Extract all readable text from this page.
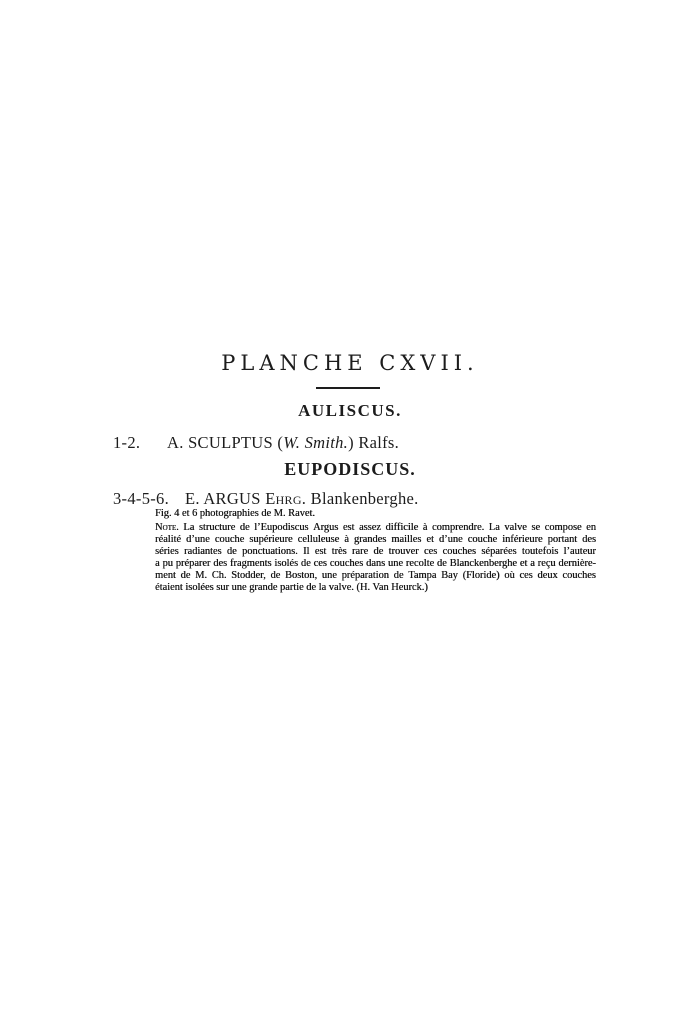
PLANCHE CXVII.
AULISCUS.
1-2. A. SCULPTUS (W. Smith.) Ralfs.
EUPODISCUS.
3-4-5-6. E. ARGUS Ehrg. Blankenberghe.
Fig. 4 et 6 photographies de M. Ravet.
Note. La structure de l’Eupodiscus Argus est assez difficile à comprendre. La valve se compose en
réalité d’une couche supérieure celluleuse à grandes mailles et d’une couche inférieure portant des
séries radiantes de ponctuations. Il est très rare de trouver ces couches séparées toutefois l’auteur
a pu préparer des fragments isolés de ces couches dans une recolte de Blanckenberghe et a reçu dernière-
ment de M. Ch. Stodder, de Boston, une préparation de Tampa Bay (Floride) où ces deux couches
étaient isolées sur une grande partie de la valve. (H. Van Heurck.)
